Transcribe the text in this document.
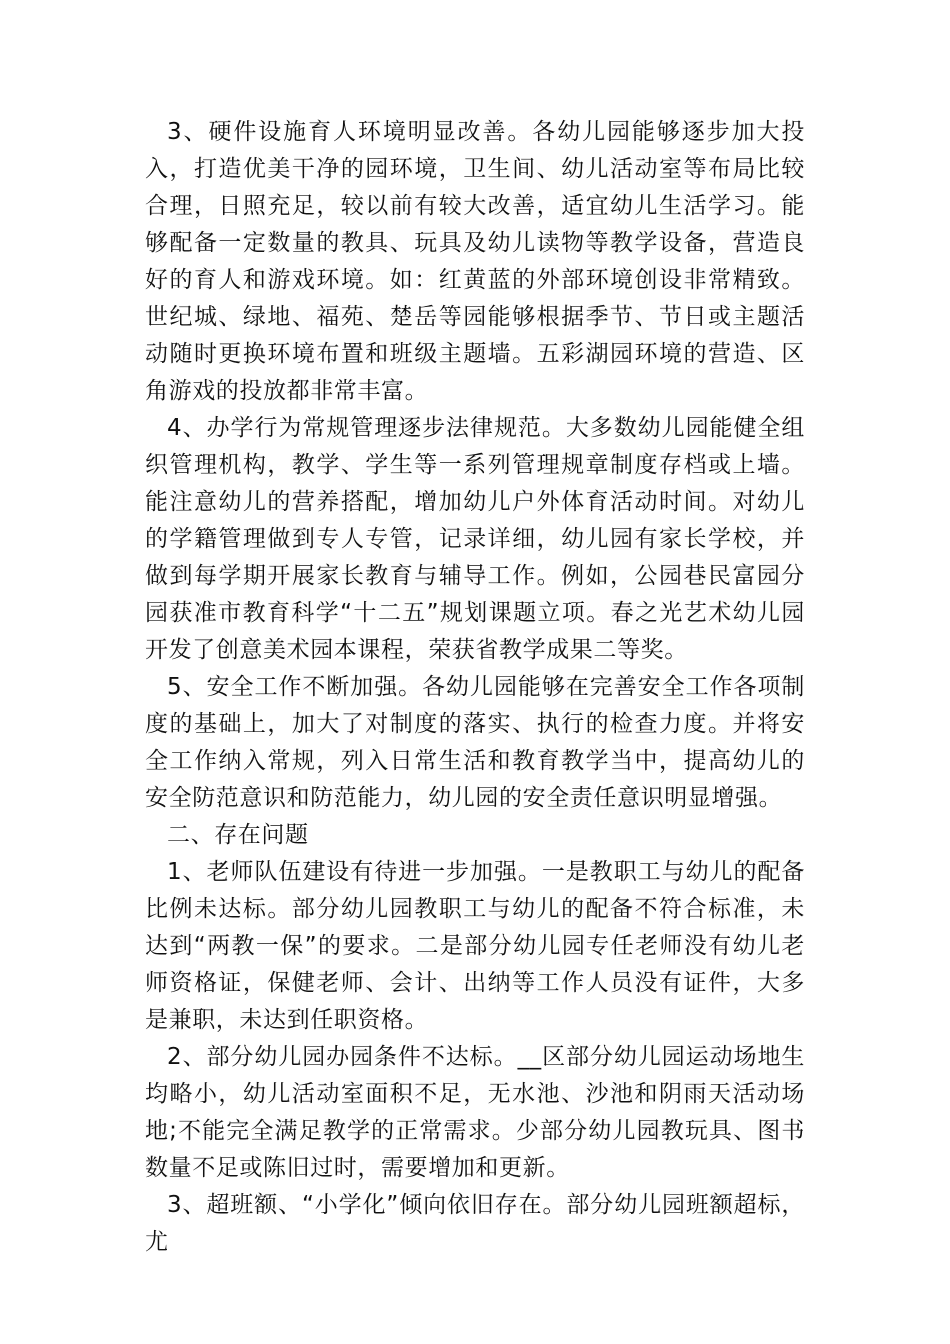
3、硬件设施育人环境明显改善。各幼儿园能够逐步加大投入，打造优美干净的园环境，卫生间、幼儿活动室等布局比较合理，日照充足，较以前有较大改善，适宜幼儿生活学习。能够配备一定数量的教具、玩具及幼儿读物等教学设备，营造良好的育人和游戏环境。如：红黄蓝的外部环境创设非常精致。世纪城、绿地、福苑、楚岳等园能够根据季节、节日或主题活动随时更换环境布置和班级主题墙。五彩湖园环境的营造、区角游戏的投放都非常丰富。

4、办学行为常规管理逐步法律规范。大多数幼儿园能健全组织管理机构，教学、学生等一系列管理规章制度存档或上墙。能注意幼儿的营养搭配，增加幼儿户外体育活动时间。对幼儿的学籍管理做到专人专管，记录详细，幼儿园有家长学校，并做到每学期开展家长教育与辅导工作。例如，公园巷民富园分园获准市教育科学“十二五”规划课题立项。春之光艺术幼儿园开发了创意美术园本课程，荣获省教学成果二等奖。

5、安全工作不断加强。各幼儿园能够在完善安全工作各项制度的基础上，加大了对制度的落实、执行的检查力度。并将安全工作纳入常规，列入日常生活和教育教学当中，提高幼儿的安全防范意识和防范能力，幼儿园的安全责任意识明显增强。

二、存在问题

1、老师队伍建设有待进一步加强。一是教职工与幼儿的配备比例未达标。部分幼儿园教职工与幼儿的配备不符合标准，未达到“两教一保”的要求。二是部分幼儿园专任老师没有幼儿老师资格证，保健老师、会计、出纳等工作人员没有证件，大多是兼职，未达到任职资格。

2、部分幼儿园办园条件不达标。__区部分幼儿园运动场地生均略小，幼儿活动室面积不足，无水池、沙池和阴雨天活动场地;不能完全满足教学的正常需求。少部分幼儿园教玩具、图书数量不足或陈旧过时，需要增加和更新。

3、超班额、“小学化”倾向依旧存在。部分幼儿园班额超标，尤
